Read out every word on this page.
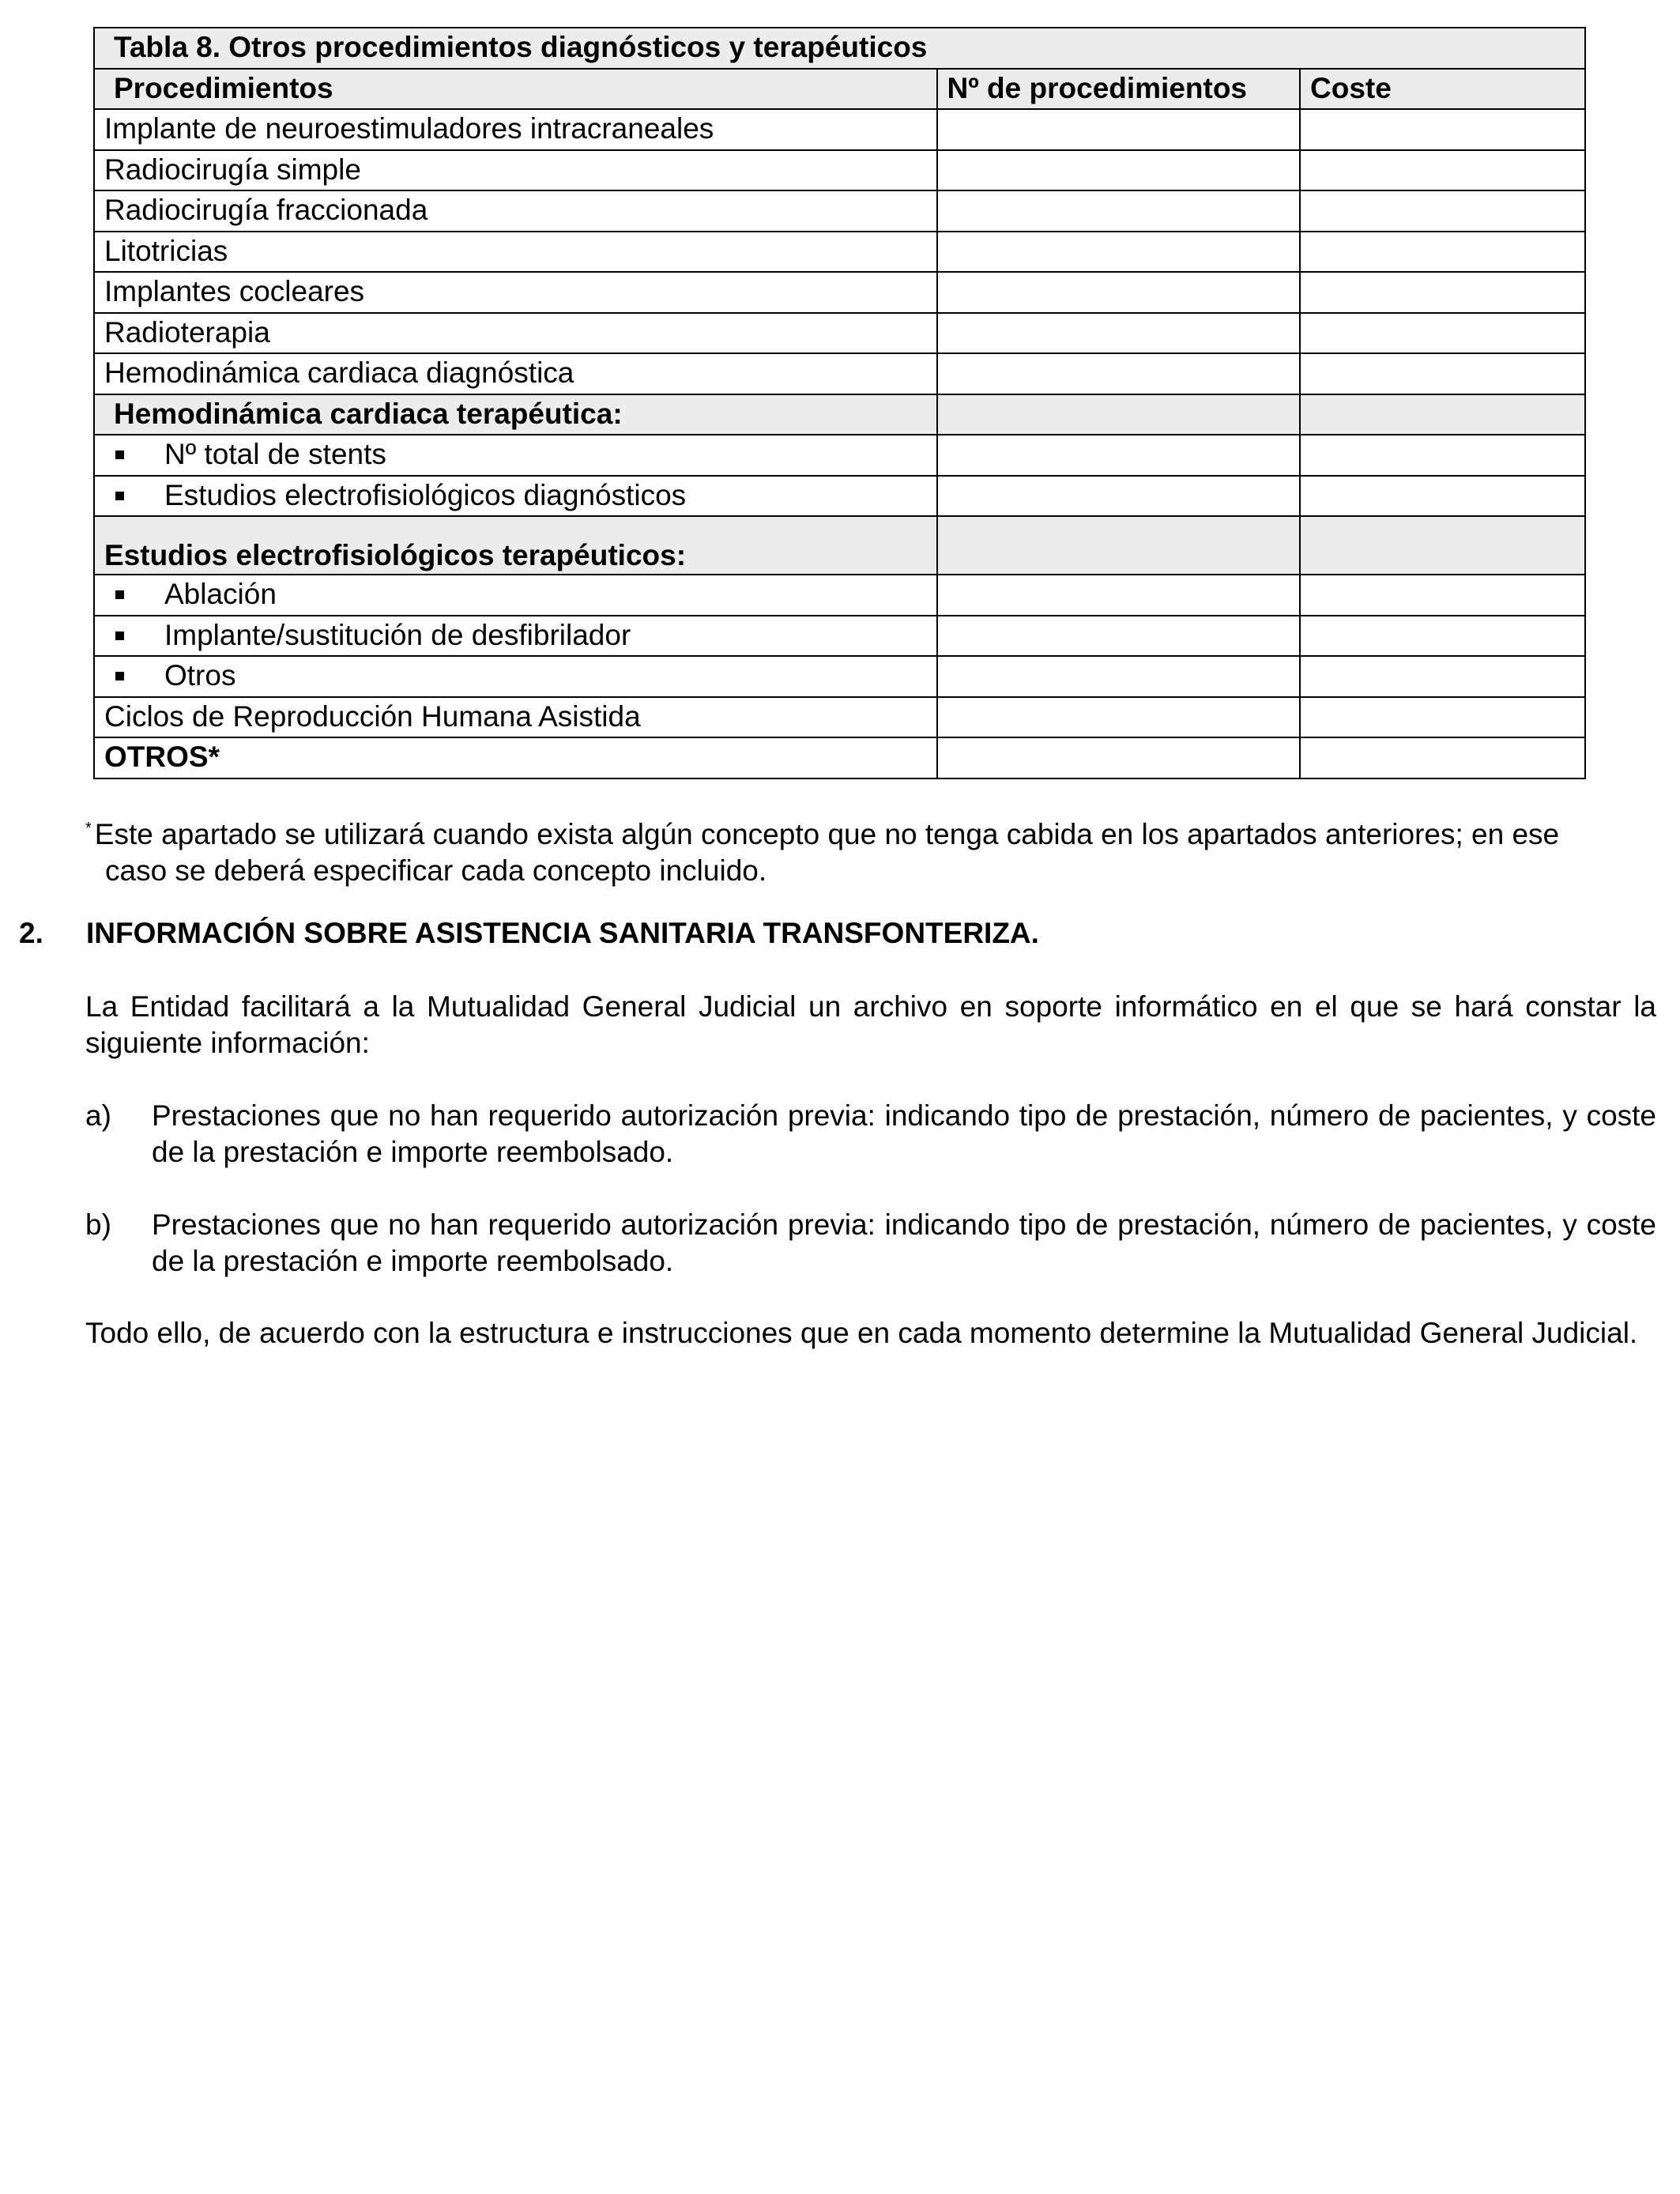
Tabla 8. Otros procedimientos diagnósticos y terapéuticos		
Procedimientos	Nº de procedimientos	Coste
Implante de neuroestimuladores intracraneales		
Radiocirugía simple		
Radiocirugía fraccionada		
Litotricias		
Implantes cocleares		
Radioterapia		
Hemodinámica cardiaca diagnóstica		
Hemodinámica cardiaca terapéutica:		

Nº total de stents		

Estudios electrofisiológicos diagnósticos		

Estudios electrofisiológicos terapéuticos:		

Ablación		

Implante/sustitución de desfibrilador		

Otros		

Ciclos de Reproducción Humana Asistida		
OTROS*		
* Este apartado se utilizará cuando exista algún concepto que no tenga cabida en los apartados anteriores; en ese
caso se deberá especificar cada concepto incluido.
2. INFORMACIÓN SOBRE ASISTENCIA SANITARIA TRANSFONTERIZA.
La Entidad facilitará a la Mutualidad General Judicial un archivo en soporte informático en el que se hará constar la siguiente información:
a) Prestaciones que no han requerido autorización previa: indicando tipo de prestación, número de pacientes, y coste de la prestación e importe reembolsado.
b) Prestaciones que no han requerido autorización previa: indicando tipo de prestación, número de pacientes, y coste de la prestación e importe reembolsado.
Todo ello, de acuerdo con la estructura e instrucciones que en cada momento determine la Mutualidad General Judicial.
